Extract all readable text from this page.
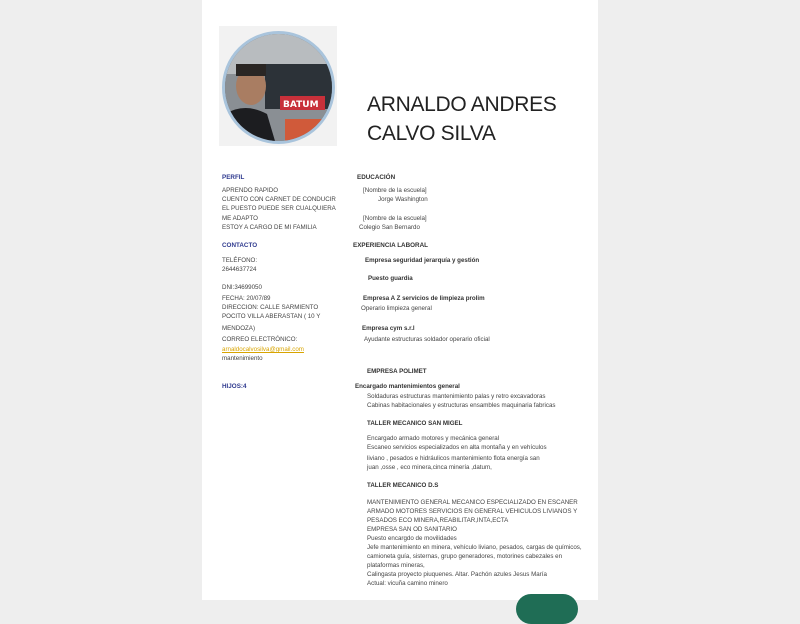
BATUM ARNALDO ANDRES
CALVO SILVA
PERFIL
APRENDO RAPIDO
CUENTO CON CARNET DE CONDUCIR
EL PUESTO PUEDE SER CUALQUIERA
ME ADAPTO
ESTOY A CARGO DE MI FAMILIA
CONTACTO
TELÉFONO:
2644637724
DNI:34699050
FECHA: 20/07/89
DIRECCION: CALLE SARMIENTO
POCITO VILLA ABERASTAN ( 10 Y
MENDOZA)
CORREO ELECTRÓNICO:
arnaldocalvosilva@gmail.com
mantenimiento
HIJOS:4
EDUCACIÓN
[Nombre de la escuela]
Jorge Washington
[Nombre de la escuela]
Colegio San Bernardo
EXPERIENCIA LABORAL
Empresa seguridad jerarquía y gestión
Puesto guardia
Empresa A Z servicios de limpieza prolim
Operario limpieza general
Empresa cym s.r.l
Ayudante estructuras soldador operario oficial
EMPRESA POLIMET
Encargado mantenimientos general
Soldaduras estructuras mantenimiento palas y retro excavadoras
Cabinas habitacionales y estructuras ensambles maquinaria fabricas
TALLER MECANICO SAN MIGEL
Encargado armado motores y mecánica general
Escaneo servicios especializados en alta montaña y en vehículos
liviano , pesados e hidráulicos mantenimiento flota energía san
juan ,osse , eco minera,cinca minería ,datum,
TALLER MECANICO D.S
MANTENIMIENTO GENERAL MECANICO ESPECIALIZADO EN ESCANER
ARMADO MOTORES SERVICIOS EN GENERAL VEHICULOS LIVIANOS Y
PESADOS ECO MINERA,REABILITAR,INTA,ECTA
EMPRESA SAN OD SANITARIO
Puesto encargdo de movilidades
Jefe mantenimiento en minera, vehículo liviano, pesados, cargas de químicos,
camioneta guía, sisternas, grupo generadores, motorines cabezales en
plataformas mineras,
Calingasta proyecto piuquenes. Altar. Pachón azules Jesus María
Actual: vicuña camino minero
